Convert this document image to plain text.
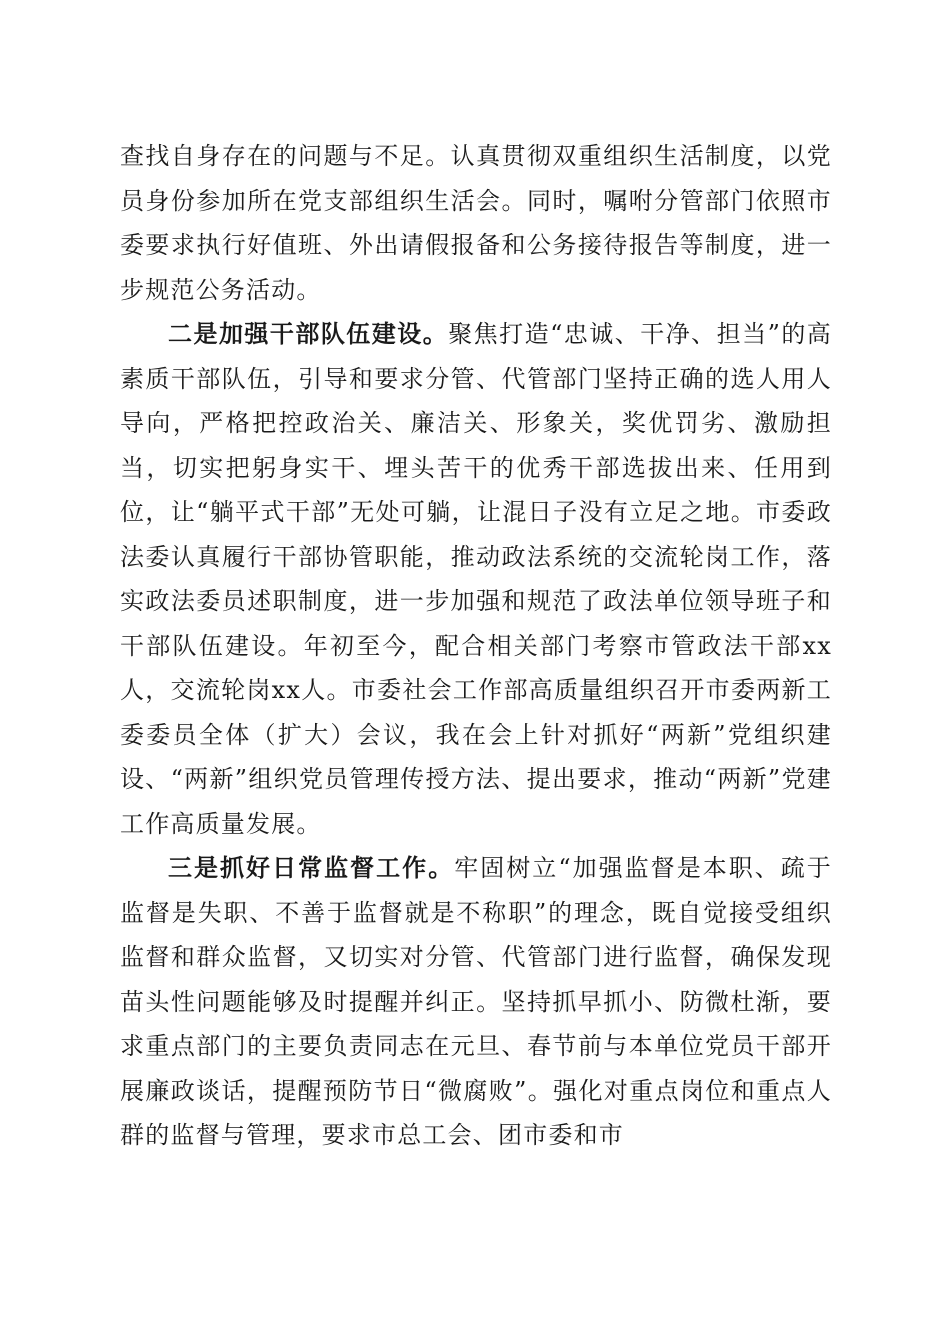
查找自身存在的问题与不足。认真贯彻双重组织生活制度，以党员身份参加所在党支部组织生活会。同时，嘱咐分管部门依照市委要求执行好值班、外出请假报备和公务接待报告等制度，进一步规范公务活动。

二是加强干部队伍建设。聚焦打造“忠诚、干净、担当”的高素质干部队伍，引导和要求分管、代管部门坚持正确的选人用人导向，严格把控政治关、廉洁关、形象关，奖优罚劣、激励担当，切实把躬身实干、埋头苦干的优秀干部选拔出来、任用到位，让“躺平式干部”无处可躺，让混日子没有立足之地。市委政法委认真履行干部协管职能，推动政法系统的交流轮岗工作，落实政法委员述职制度，进一步加强和规范了政法单位领导班子和干部队伍建设。年初至今，配合相关部门考察市管政法干部xx人，交流轮岗xx人。市委社会工作部高质量组织召开市委两新工委委员全体（扩大）会议，我在会上针对抓好“两新”党组织建设、“两新”组织党员管理传授方法、提出要求，推动“两新”党建工作高质量发展。

三是抓好日常监督工作。牢固树立“加强监督是本职、疏于监督是失职、不善于监督就是不称职”的理念，既自觉接受组织监督和群众监督，又切实对分管、代管部门进行监督，确保发现苗头性问题能够及时提醒并纠正。坚持抓早抓小、防微杜渐，要求重点部门的主要负责同志在元旦、春节前与本单位党员干部开展廉政谈话，提醒预防节日“微腐败”。强化对重点岗位和重点人群的监督与管理，要求市总工会、团市委和市
